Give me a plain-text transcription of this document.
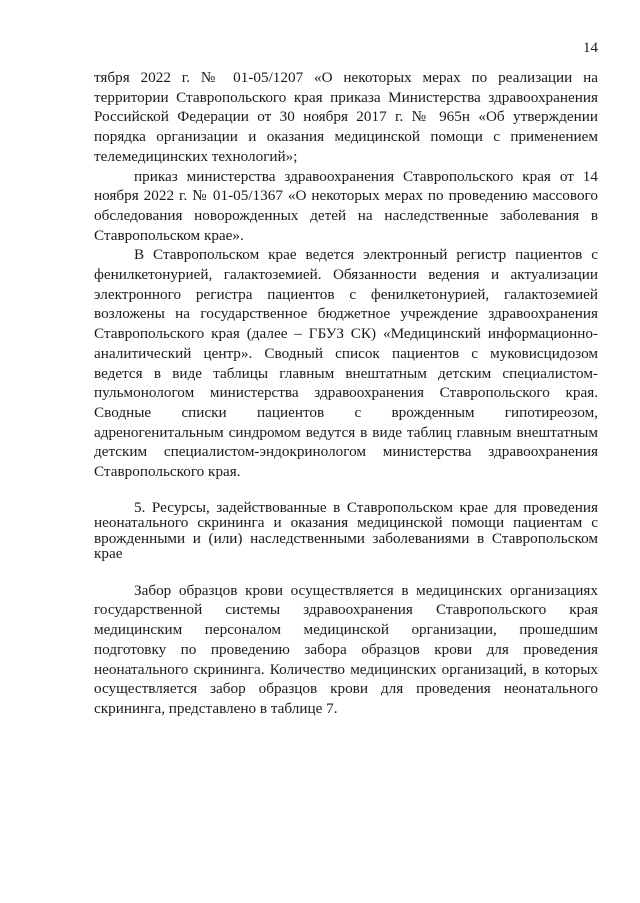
14

тября 2022 г. № 01-05/1207 «О некоторых мерах по реализации на территории Ставропольского края приказа Министерства здравоохранения Российской Федерации от 30 ноября 2017 г. № 965н «Об утверждении порядка организации и оказания медицинской помощи с применением телемедицинских технологий»;

приказ министерства здравоохранения Ставропольского края от 14 ноября 2022 г. № 01-05/1367 «О некоторых мерах по проведению массового обследования новорожденных детей на наследственные заболевания в Ставропольском крае».

В Ставропольском крае ведется электронный регистр пациентов с фенилкетонурией, галактоземией. Обязанности ведения и актуализации электронного регистра пациентов с фенилкетонурией, галактоземией возложены на государственное бюджетное учреждение здравоохранения Ставропольского края (далее – ГБУЗ СК) «Медицинский информационно-аналитический центр». Сводный список пациентов с муковисцидозом ведется в виде таблицы главным внештатным детским специалистом-пульмонологом министерства здравоохранения Ставропольского края. Сводные списки пациентов с врожденным гипотиреозом, адреногенитальным синдромом ведутся в виде таблиц главным внештатным детским специалистом-эндокринологом министерства здравоохранения Ставропольского края.

5. Ресурсы, задействованные в Ставропольском крае для проведения неонатального скрининга и оказания медицинской помощи пациентам с врожденными и (или) наследственными заболеваниями в Ставропольском крае

Забор образцов крови осуществляется в медицинских организациях государственной системы здравоохранения Ставропольского края медицинским персоналом медицинской организации, прошедшим подготовку по проведению забора образцов крови для проведения неонатального скрининга. Количество медицинских организаций, в которых осуществляется забор образцов крови для проведения неонатального скрининга, представлено в таблице 7.
